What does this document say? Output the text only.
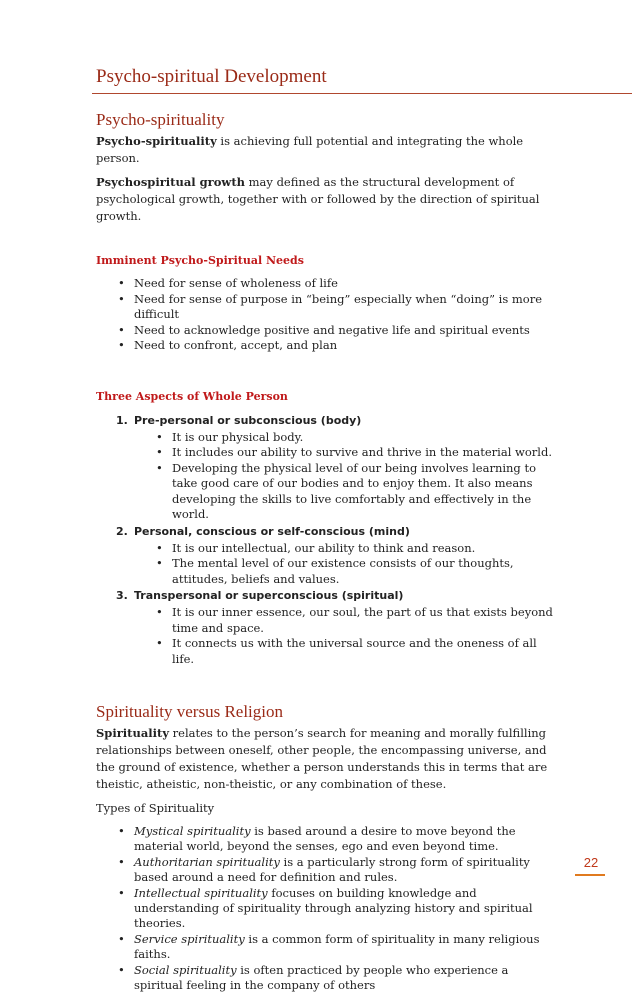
Psycho-spiritual Development
Psycho-spirituality

Psycho-spirituality is achieving full potential and integrating the whole person.

Psychospiritual growth may defined as the structural development of psychological growth, together with or followed by the direction of spiritual growth.

Imminent Psycho-Spiritual Needs

• Need for sense of wholeness of life
• Need for sense of purpose in “being” especially when “doing” is more difficult
• Need to acknowledge positive and negative life and spiritual events
• Need to confront, accept, and plan

Three Aspects of Whole Person

1. Pre-personal or subconscious (body)
• It is our physical body.
• It includes our ability to survive and thrive in the material world.
• Developing the physical level of our being involves learning to take good care of our bodies and to enjoy them. It also means developing the skills to live comfortably and effectively in the world.
2. Personal, conscious or self-conscious (mind)
• It is our intellectual, our ability to think and reason.
• The mental level of our existence consists of our thoughts, attitudes, beliefs and values.
3. Transpersonal or superconscious (spiritual)
• It is our inner essence, our soul, the part of us that exists beyond time and space.
• It connects us with the universal source and the oneness of all life.
Spirituality versus Religion

Spirituality relates to the person’s search for meaning and morally fulfilling relationships between oneself, other people, the encompassing universe, and the ground of existence, whether a person understands this in terms that are theistic, atheistic, non-theistic, or any combination of these.

Types of Spirituality

• Mystical spirituality is based around a desire to move beyond the material world, beyond the senses, ego and even beyond time.
• Authoritarian spirituality is a particularly strong form of spirituality based around a need for definition and rules.
• Intellectual spirituality focuses on building knowledge and understanding of spirituality through analyzing history and spiritual theories.
• Service spirituality is a common form of spirituality in many religious faiths.
• Social spirituality is often practiced by people who experience a spiritual feeling in the company of others
22
